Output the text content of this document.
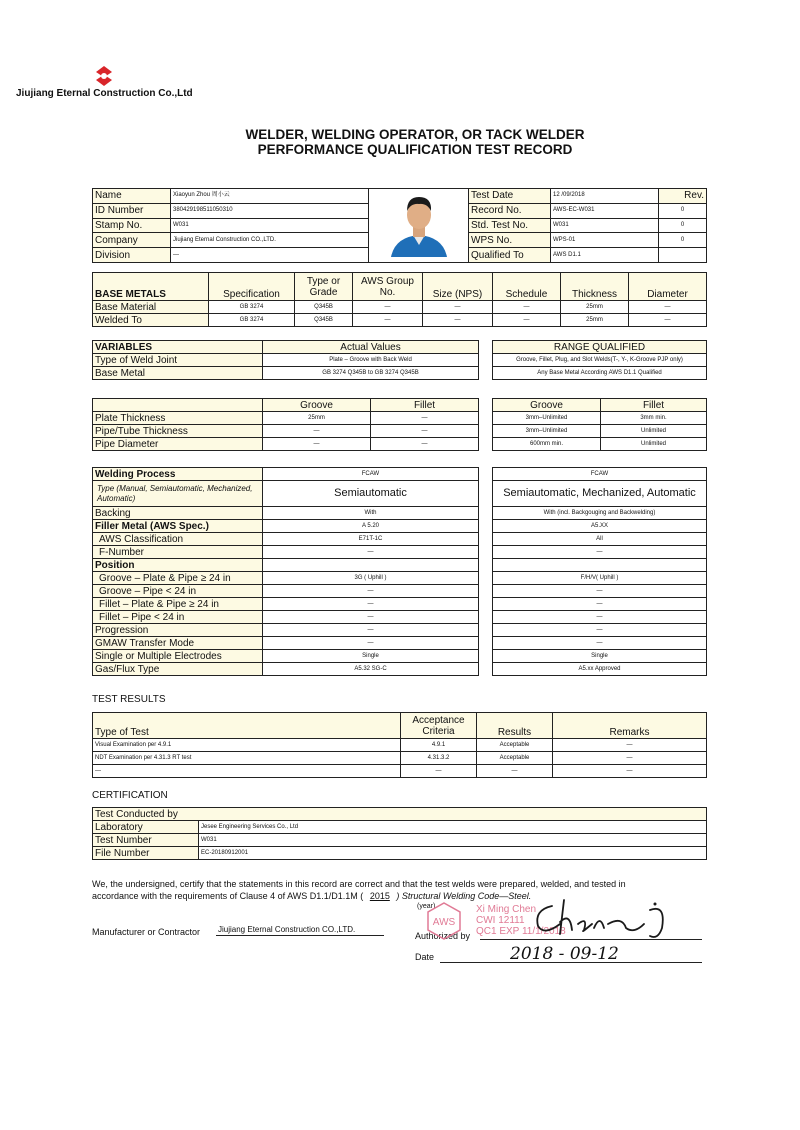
Jiujiang Eternal Construction Co.,Ltd
WELDER, WELDING OPERATOR, OR TACK WELDER
PERFORMANCE QUALIFICATION TEST RECORD
Name	Xiaoyun Zhou 周小云		Test Date	12 /09/2018	Rev.
ID Number	380429198511050310		Record No.	AWS-EC-W031	0
Stamp No.	W031		Std. Test No.	W031	0
Company	Jiujiang Eternal Construction CO.,LTD.		WPS No.	WPS-01	0
Division	—		Qualified To	AWS D1.1	
BASE METALS	Specification	Type or Grade	AWS Group No.	Size (NPS)	Schedule	Thickness	Diameter
Base Material	GB 3274	Q345B	—	—	—	25mm	—
Welded To	GB 3274	Q345B	—	—	—	25mm	—
VARIABLES	Actual Values		RANGE QUALIFIED
Type of Weld Joint	Plate – Groove with Back Weld		Groove, Fillet, Plug, and Slot Welds(T-, Y-, K-Groove PJP only)
Base Metal	GB 3274 Q345B to GB 3274 Q345B		Any Base Metal According AWS D1.1 Qualified
	Groove	Fillet		Groove	Fillet
Plate Thickness	25mm	—		3mm–Unlimited	3mm min.
Pipe/Tube Thickness	—	—		3mm–Unlimited	Unlimited
Pipe Diameter	—	—		600mm min.	Unlimited
Welding Process	FCAW		FCAW
Type (Manual, Semiautomatic, Mechanized, Automatic)	Semiautomatic		Semiautomatic, Mechanized, Automatic
Backing	With		With (incl. Backgouging and Backwelding)
Filler Metal (AWS Spec.)	A 5.20		A5.XX
AWS Classification	E71T-1C		All
F-Number	—		—
Position			
Groove – Plate & Pipe ≥ 24 in	3G ( Uphill )		F/H/V( Uphill )
Groove – Pipe < 24 in	—		—
Fillet – Plate & Pipe ≥ 24 in	—		—
Fillet – Pipe < 24 in	—		—
Progression	—		—
GMAW Transfer Mode	—		—
Single or Multiple Electrodes	Single		Single
Gas/Flux Type	A5.32 SG-C		A5.xx Approved
TEST RESULTS
Type of Test	Acceptance Criteria	Results	Remarks
Visual Examination per 4.9.1	4.9.1	Acceptable	—
NDT Examination per 4.31.3 RT test	4.31.3.2	Acceptable	—
—	—	—	—
CERTIFICATION
Test Conducted by	
Laboratory	Jesee Engineering Services Co., Ltd
Test Number	W031
File Number	EC-20180912001
We, the undersigned, certify that the statements in this record are correct and that the test welds were prepared, welded, and tested in
accordance with the requirements of Clause 4 of AWS D1.1/D1.1M ( 2015 ) Structural Welding Code—Steel.
(year)
Manufacturer or Contractor Jiujiang Eternal Construction CO.,LTD.
Authorized by
Date	2018 - 09-12
AWS
Xi Ming Chen
CWI 12111
QC1 EXP 11/1/2018
